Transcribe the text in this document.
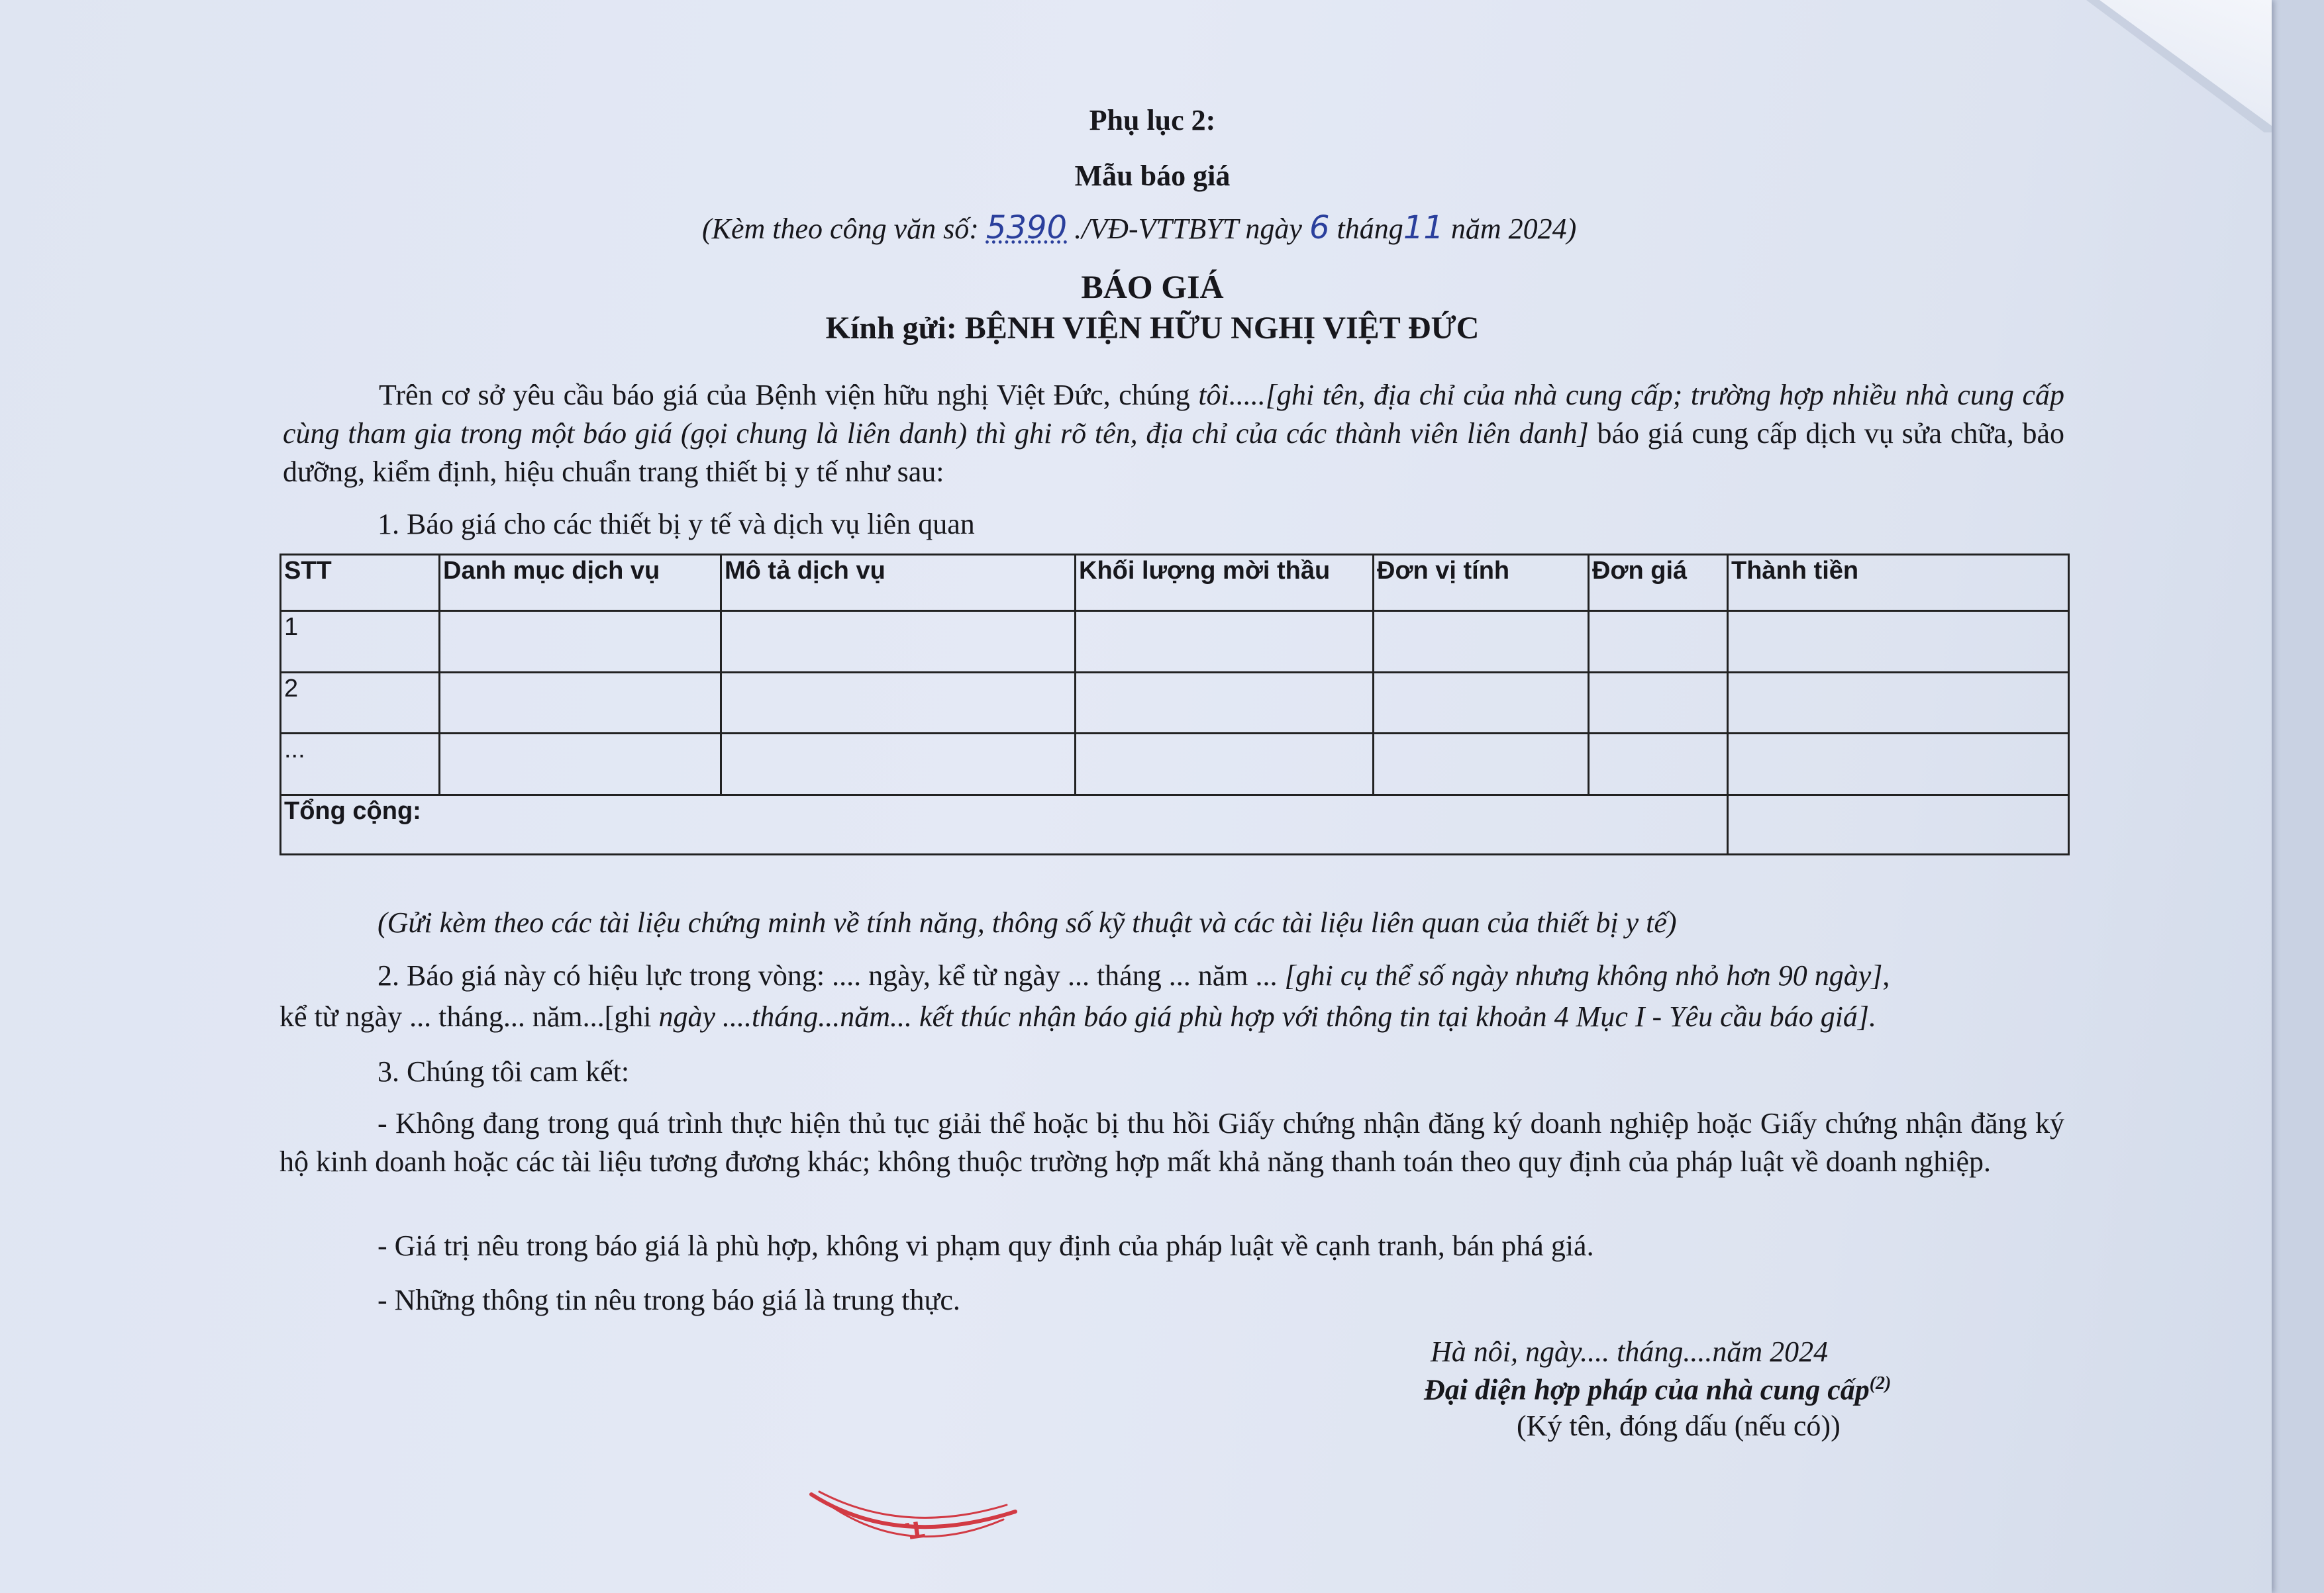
Phụ lục 2:
Mẫu báo giá
(Kèm theo công văn số: 5390 ./VĐ-VTTBYT ngày 6 tháng11 năm 2024)
BÁO GIÁ
Kính gửi: BỆNH VIỆN HỮU NGHỊ VIỆT ĐỨC
Trên cơ sở yêu cầu báo giá của Bệnh viện hữu nghị Việt Đức, chúng tôi.....[ghi tên, địa chỉ của nhà cung cấp; trường hợp nhiều nhà cung cấp cùng tham gia trong một báo giá (gọi chung là liên danh) thì ghi rõ tên, địa chỉ của các thành viên liên danh] báo giá cung cấp dịch vụ sửa chữa, bảo dưỡng, kiểm định, hiệu chuẩn trang thiết bị y tế như sau:
1. Báo giá cho các thiết bị y tế và dịch vụ liên quan
STT	Danh mục dịch vụ	Mô tả dịch vụ	Khối lượng mời thầu	Đơn vị tính	Đơn giá	Thành tiền
1						
2						
...						
Tổng cộng:						
(Gửi kèm theo các tài liệu chứng minh về tính năng, thông số kỹ thuật và các tài liệu liên quan của thiết bị y tế)
2. Báo giá này có hiệu lực trong vòng: .... ngày, kể từ ngày ... tháng ... năm ... [ghi cụ thể số ngày nhưng không nhỏ hơn 90 ngày],
kể từ ngày ... tháng... năm...[ghi ngày ....tháng...năm... kết thúc nhận báo giá phù hợp với thông tin tại khoản 4 Mục I - Yêu cầu báo giá].
3. Chúng tôi cam kết:
- Không đang trong quá trình thực hiện thủ tục giải thể hoặc bị thu hồi Giấy chứng nhận đăng ký doanh nghiệp hoặc Giấy chứng nhận đăng ký hộ kinh doanh hoặc các tài liệu tương đương khác; không thuộc trường hợp mất khả năng thanh toán theo quy định của pháp luật về doanh nghiệp.
- Giá trị nêu trong báo giá là phù hợp, không vi phạm quy định của pháp luật về cạnh tranh, bán phá giá.
- Những thông tin nêu trong báo giá là trung thực.
Hà nôi, ngày.... tháng....năm 2024
Đại diện hợp pháp của nhà cung cấp$^{(2)}$
(Ký tên, đóng dấu (nếu có))
T.
